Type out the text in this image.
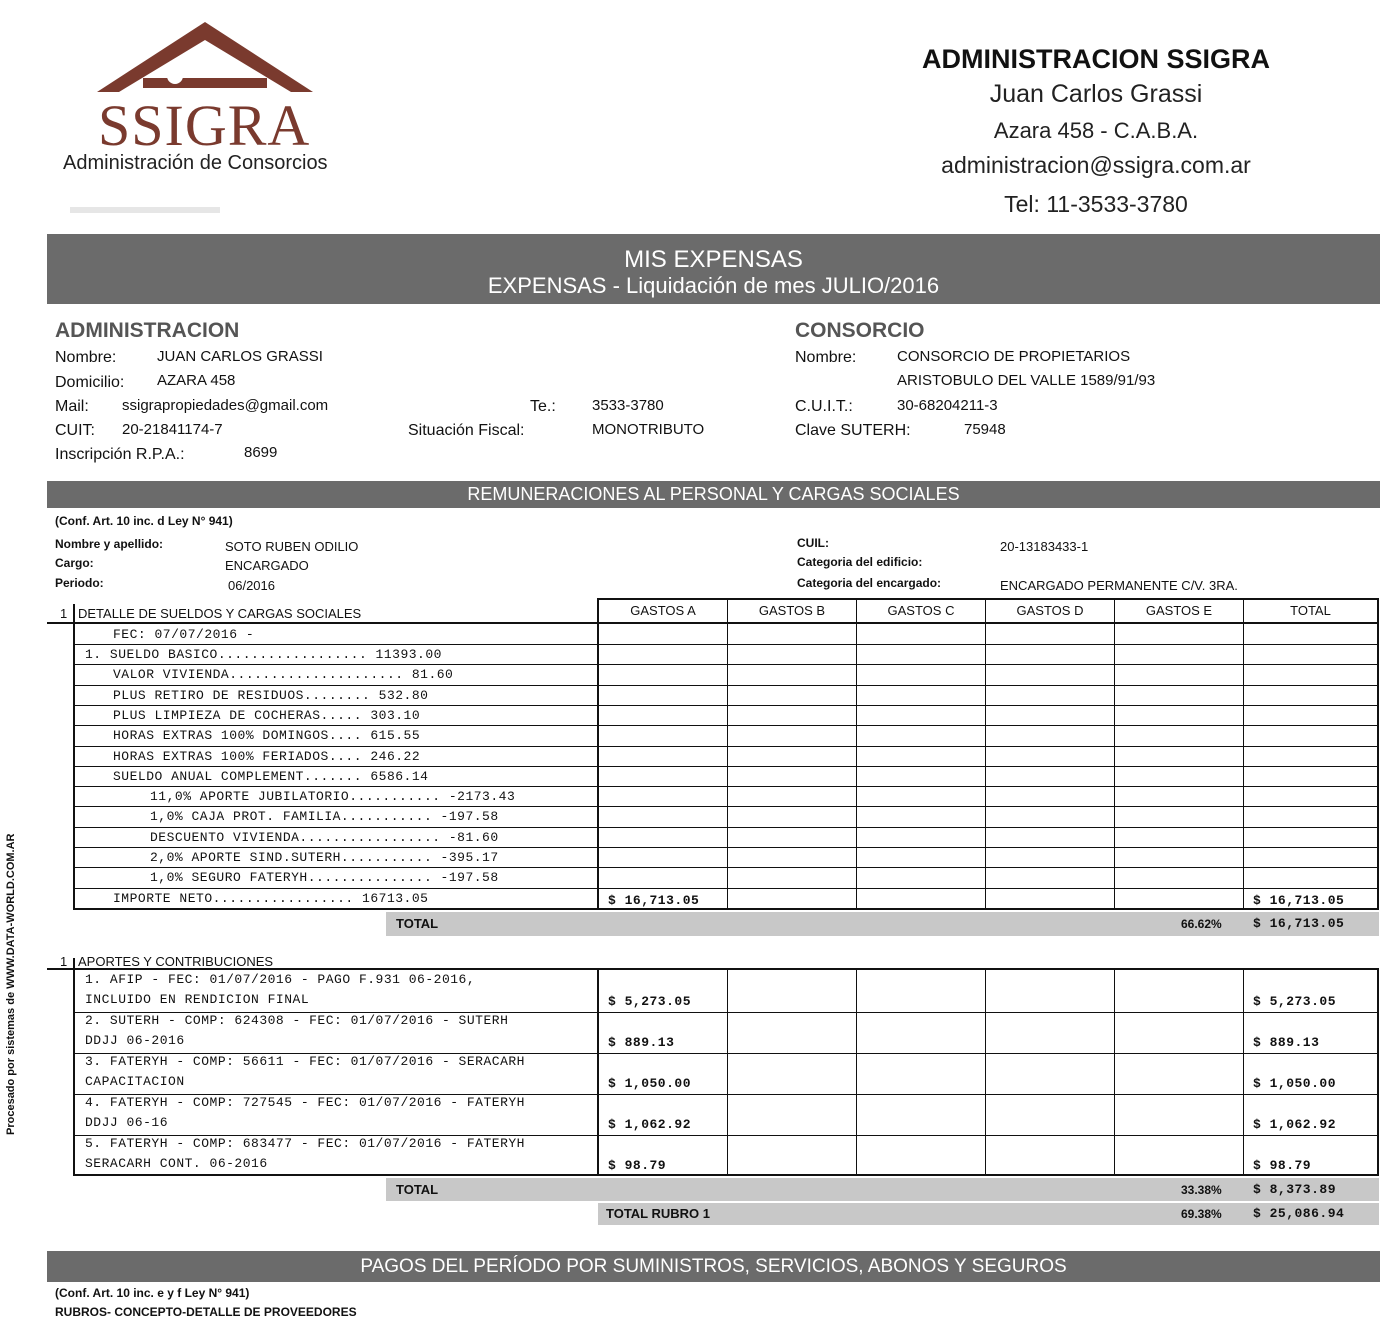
SSIGRA
Administración de Consorcios
ADMINISTRACION SSIGRA
Juan Carlos Grassi
Azara 458 - C.A.B.A.
administracion@ssigra.com.ar
Tel: 11-3533-3780
MIS EXPENSAS
EXPENSAS - Liquidación de mes JULIO/2016
ADMINISTRACION
Nombre:	JUAN CARLOS GRASSI
Domicilio: AZARA 458
Mail: ssigrapropiedades@gmail.com
CUIT: 20-21841174-7
Inscripción R.P.A.:	8699
Te.: 3533-3780
Situación Fiscal:	MONOTRIBUTO
CONSORCIO
Nombre:	CONSORCIO DE PROPIETARIOS
ARISTOBULO DEL VALLE 1589/91/93
C.U.I.T.:	30-68204211-3
Clave SUTERH:	75948
REMUNERACIONES AL PERSONAL Y CARGAS SOCIALES
(Conf. Art. 10 inc. d Ley N° 941)
Nombre y apellido:	SOTO RUBEN ODILIO
Cargo:	ENCARGADO
Periodo:	06/2016
CUIL:	20-13183433-1
Categoria del edificio:
Categoria del encargado:	ENCARGADO PERMANENTE C/V. 3RA.
GASTOS A	GASTOS B	GASTOS C	GASTOS D	GASTOS E	TOTAL
1 DETALLE DE SUELDOS Y CARGAS SOCIALES
FEC: 07/07/2016 -
1. SUELDO BASICO.................. 11393.00
VALOR VIVIENDA..................... 81.60
PLUS RETIRO DE RESIDUOS........ 532.80
PLUS LIMPIEZA DE COCHERAS..... 303.10
HORAS EXTRAS 100% DOMINGOS.... 615.55
HORAS EXTRAS 100% FERIADOS.... 246.22
SUELDO ANUAL COMPLEMENT....... 6586.14
11,0% APORTE JUBILATORIO........... -2173.43
1,0% CAJA PROT. FAMILIA........... -197.58
DESCUENTO VIVIENDA................. -81.60
2,0% APORTE SIND.SUTERH........... -395.17
1,0% SEGURO FATERYH............... -197.58
IMPORTE NETO................. 16713.05	$ 16,713.05	$ 16,713.05
TOTAL	66.62% $ 16,713.05
1 APORTES Y CONTRIBUCIONES
1. AFIP - FEC: 01/07/2016 - PAGO F.931 06-2016,
INCLUIDO EN RENDICION FINAL	$ 5,273.05	$ 5,273.05
2. SUTERH - COMP: 624308 - FEC: 01/07/2016 - SUTERH
DDJJ 06-2016	$ 889.13	$ 889.13
3. FATERYH - COMP: 56611 - FEC: 01/07/2016 - SERACARH
CAPACITACION	$ 1,050.00	$ 1,050.00
4. FATERYH - COMP: 727545 - FEC: 01/07/2016 - FATERYH
DDJJ 06-16	$ 1,062.92	$ 1,062.92
5. FATERYH - COMP: 683477 - FEC: 01/07/2016 - FATERYH
SERACARH CONT. 06-2016	$ 98.79	$ 98.79
TOTAL	33.38% $ 8,373.89
TOTAL RUBRO 1	69.38% $ 25,086.94
PAGOS DEL PERÍODO POR SUMINISTROS, SERVICIOS, ABONOS Y SEGUROS
(Conf. Art. 10 inc. e y f Ley N° 941)
RUBROS- CONCEPTO-DETALLE DE PROVEEDORES
Procesado por sistemas de WWW.DATA-WORLD.COM.AR
